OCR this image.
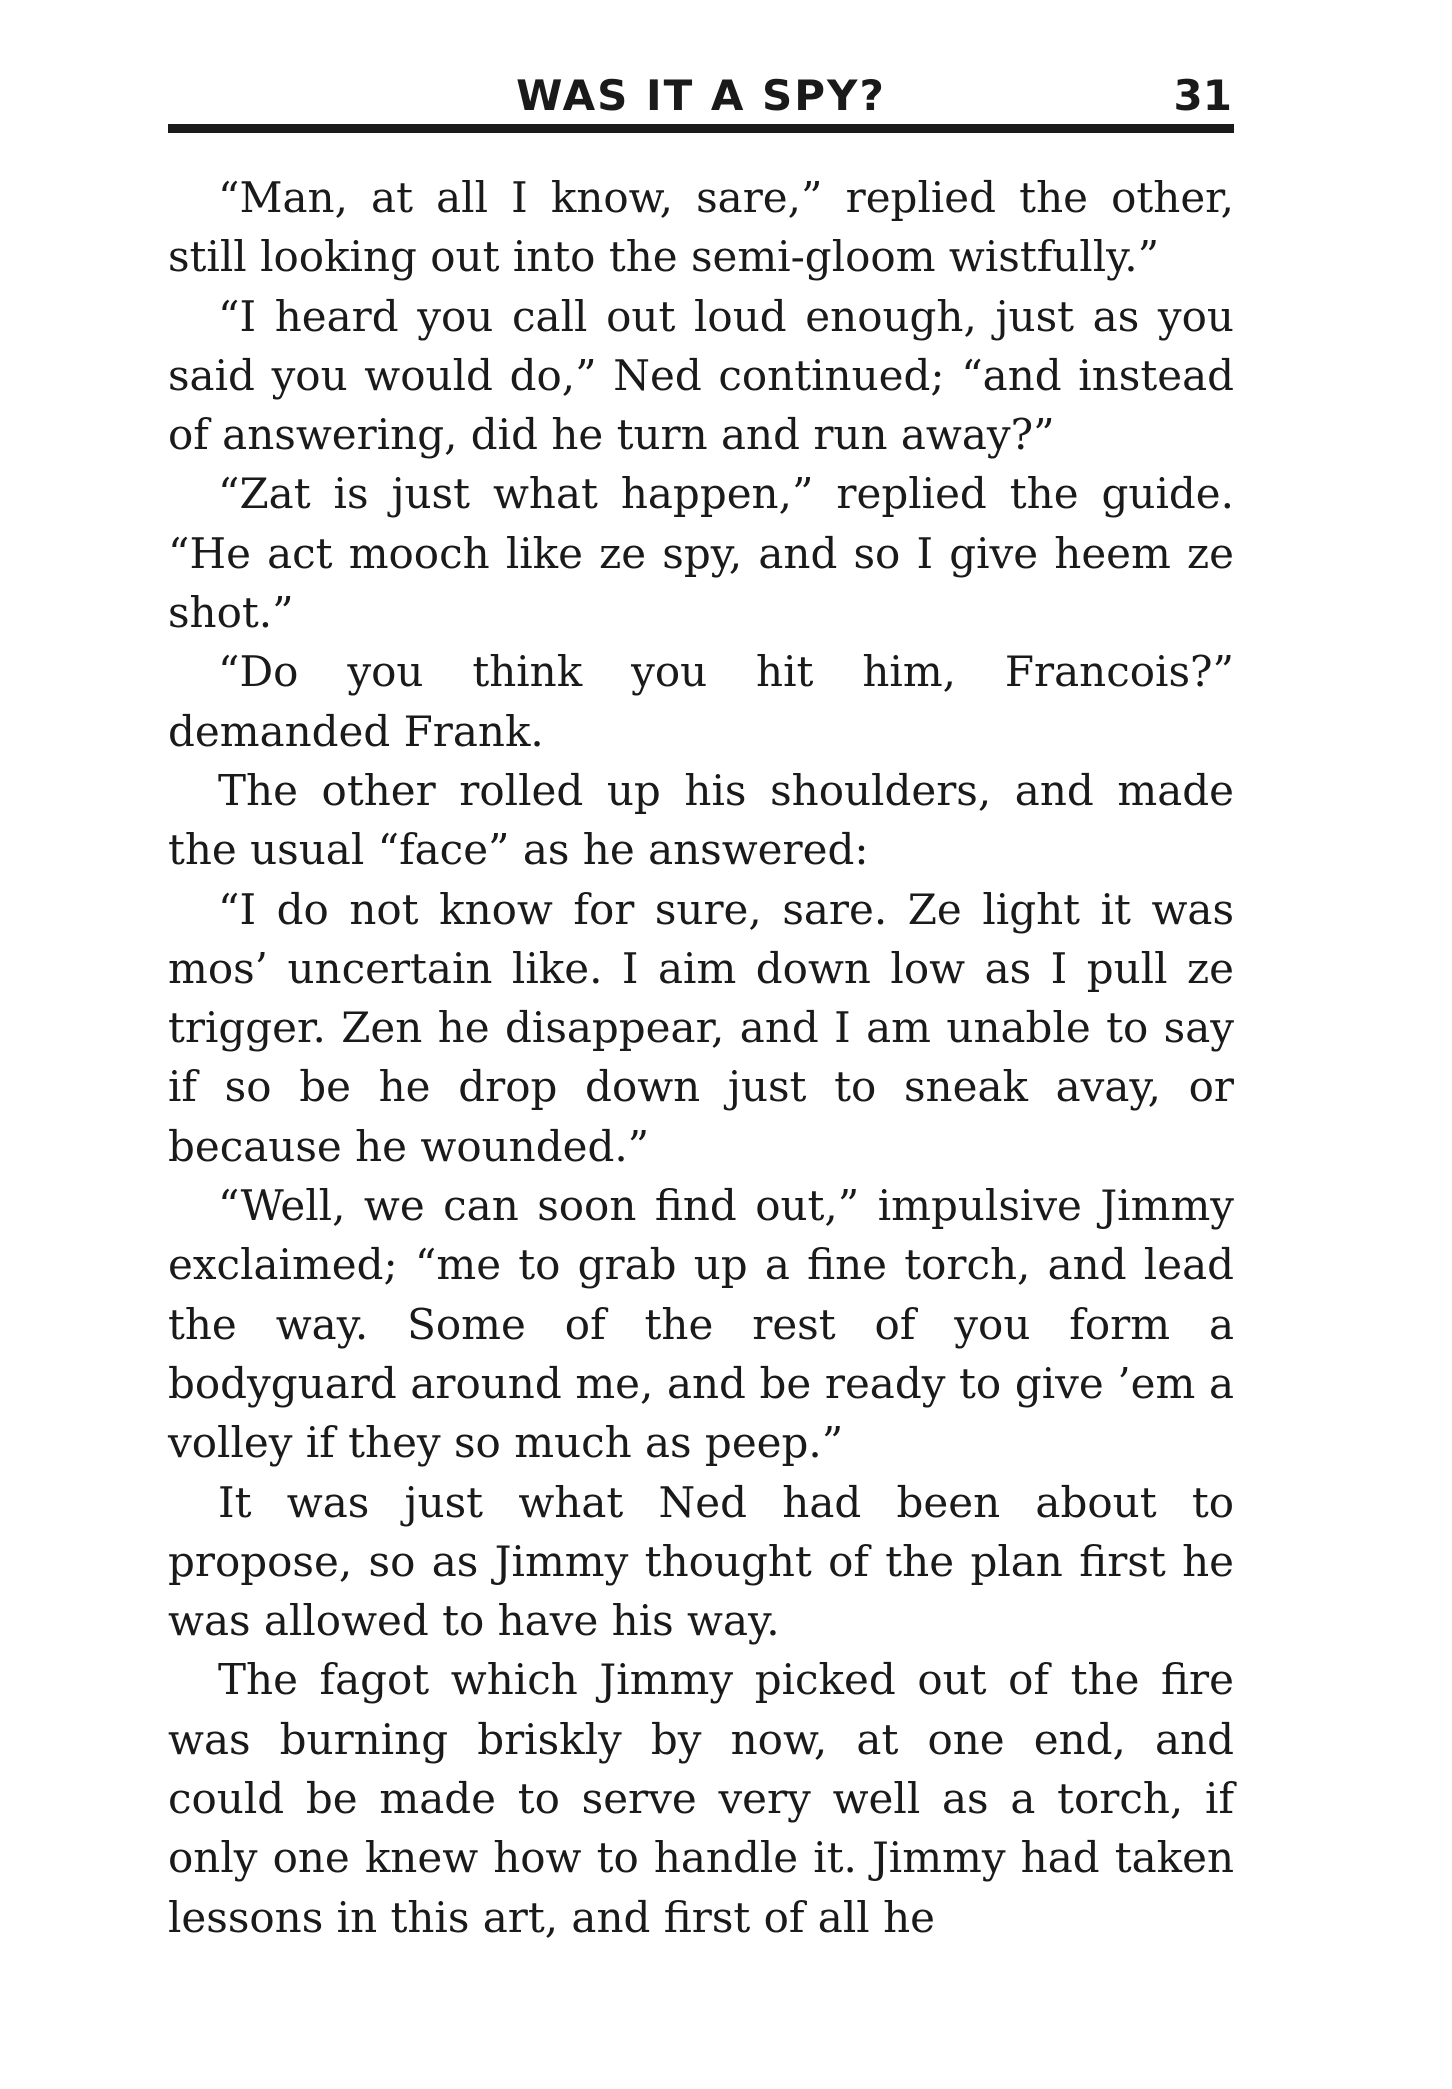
WAS IT A SPY?	31

“Man, at all I know, sare,” replied the other, still looking out into the semi-gloom wistfully.”

“I heard you call out loud enough, just as you said you would do,” Ned continued; “and instead of answering, did he turn and run away?”

“Zat is just what happen,” replied the guide. “He act mooch like ze spy, and so I give heem ze shot.”

“Do you think you hit him, Francois?” demanded Frank.

The other rolled up his shoulders, and made the usual “face” as he answered:

“I do not know for sure, sare. Ze light it was mos’ uncertain like. I aim down low as I pull ze trigger. Zen he disappear, and I am unable to say if so be he drop down just to sneak avay, or because he wounded.”

“Well, we can soon find out,” impulsive Jimmy exclaimed; “me to grab up a fine torch, and lead the way. Some of the rest of you form a bodyguard around me, and be ready to give ’em a volley if they so much as peep.”

It was just what Ned had been about to propose, so as Jimmy thought of the plan first he was allowed to have his way.

The fagot which Jimmy picked out of the fire was burning briskly by now, at one end, and could be made to serve very well as a torch, if only one knew how to handle it. Jimmy had taken lessons in this art, and first of all he
